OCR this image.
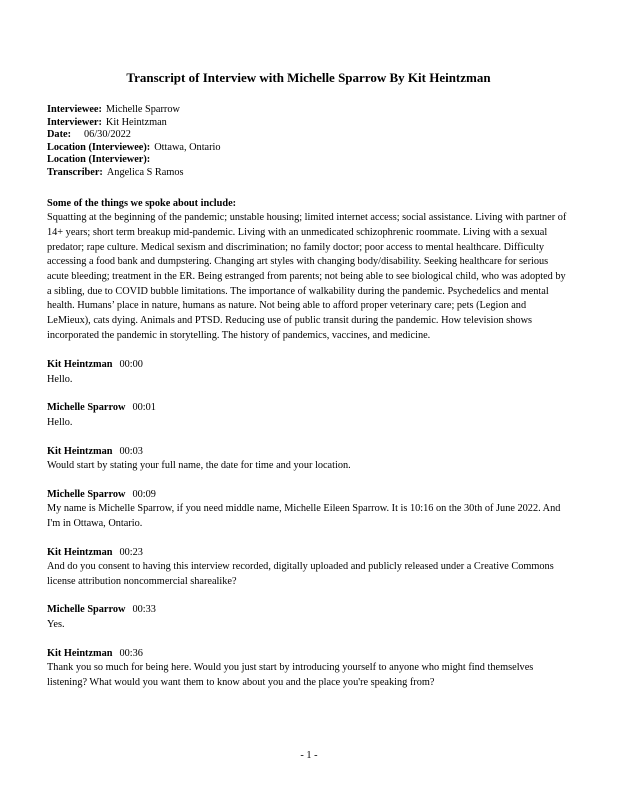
Transcript of Interview with Michelle Sparrow By Kit Heintzman
Interviewee: Michelle Sparrow
Interviewer: Kit Heintzman
Date: 06/30/2022
Location (Interviewee): Ottawa, Ontario
Location (Interviewer):
Transcriber: Angelica S Ramos
Some of the things we spoke about include:
Squatting at the beginning of the pandemic; unstable housing; limited internet access; social assistance. Living with partner of 14+ years; short term breakup mid-pandemic. Living with an unmedicated schizophrenic roommate. Living with a sexual predator; rape culture. Medical sexism and discrimination; no family doctor; poor access to mental healthcare. Difficulty accessing a food bank and dumpstering. Changing art styles with changing body/disability. Seeking healthcare for serious acute bleeding; treatment in the ER. Being estranged from parents; not being able to see biological child, who was adopted by a sibling, due to COVID bubble limitations. The importance of walkability during the pandemic. Psychedelics and mental health. Humans’ place in nature, humans as nature. Not being able to afford proper veterinary care; pets (Legion and LeMieux), cats dying. Animals and PTSD. Reducing use of public transit during the pandemic. How television shows incorporated the pandemic in storytelling. The history of pandemics, vaccines, and medicine.
Kit Heintzman 00:00
Hello.
Michelle Sparrow 00:01
Hello.
Kit Heintzman 00:03
Would start by stating your full name, the date for time and your location.
Michelle Sparrow 00:09
My name is Michelle Sparrow, if you need middle name, Michelle Eileen Sparrow. It is 10:16 on the 30th of June 2022. And I'm in Ottawa, Ontario.
Kit Heintzman 00:23
And do you consent to having this interview recorded, digitally uploaded and publicly released under a Creative Commons license attribution noncommercial sharealike?
Michelle Sparrow 00:33
Yes.
Kit Heintzman 00:36
Thank you so much for being here. Would you just start by introducing yourself to anyone who might find themselves listening? What would you want them to know about you and the place you're speaking from?
- 1 -
